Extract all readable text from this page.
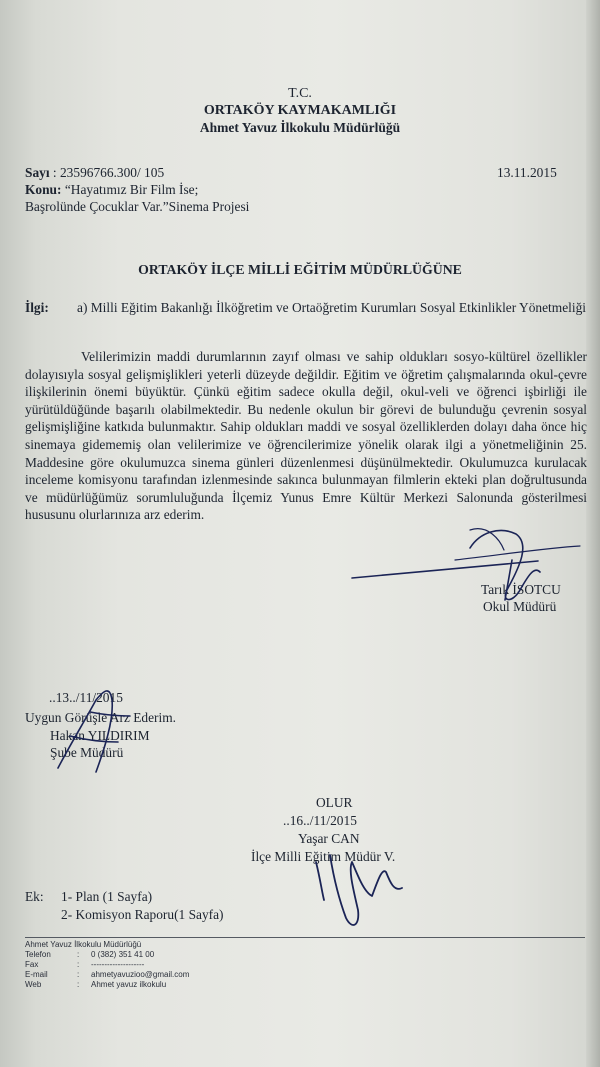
T.C.
ORTAKÖY KAYMAKAMLIĞI
Ahmet Yavuz İlkokulu Müdürlüğü
Sayı : 23596766.300/ 105	13.11.2015
Konu: “Hayatımız Bir Film İse;
Başrolünde Çocuklar Var.”Sinema Projesi
ORTAKÖY İLÇE MİLLİ EĞİTİM MÜDÜRLÜĞÜNE
İlgi: a) Milli Eğitim Bakanlığı İlköğretim ve Ortaöğretim Kurumları Sosyal Etkinlikler Yönetmeliği

Velilerimizin maddi durumlarının zayıf olması ve sahip oldukları sosyo-kültürel özellikler dolayısıyla sosyal gelişmişlikleri yeterli düzeyde değildir. Eğitim ve öğretim çalışmalarında okul-çevre ilişkilerinin önemi büyüktür. Çünkü eğitim sadece okulla değil, okul-veli ve öğrenci işbirliği ile yürütüldüğünde başarılı olabilmektedir. Bu nedenle okulun bir görevi de bulunduğu çevrenin sosyal gelişmişliğine katkıda bulunmaktır. Sahip oldukları maddi ve sosyal özelliklerden dolayı daha önce hiç sinemaya gidememiş olan velilerimize ve öğrencilerimize yönelik olarak ilgi a yönetmeliğinin 25. Maddesine göre okulumuzca sinema günleri düzenlenmesi düşünülmektedir. Okulumuzca kurulacak inceleme komisyonu tarafından izlenmesinde sakınca bulunmayan filmlerin ekteki plan doğrultusunda ve müdürlüğümüz sorumluluğunda İlçemiz Yunus Emre Kültür Merkezi Salonunda gösterilmesi hususunu olurlarınıza arz ederim.

Tarık İSOTCU
Okul Müdürü
..13../11/2015
Uygun Görüşle Arz Ederim.
Hakan YILDIRIM
Şube Müdürü
OLUR
..16../11/2015
Yaşar CAN
İlçe Milli Eğitim Müdür V.
Ek: 1- Plan (1 Sayfa)
2- Komisyon Raporu(1 Sayfa)
Ahmet Yavuz İlkokulu Müdürlüğü
Telefon	: 0 (382) 351 41 00
Fax	: --------------------
E-mail	: ahmetyavuzioo@gmail.com
Web	: Ahmet yavuz ilkokulu
